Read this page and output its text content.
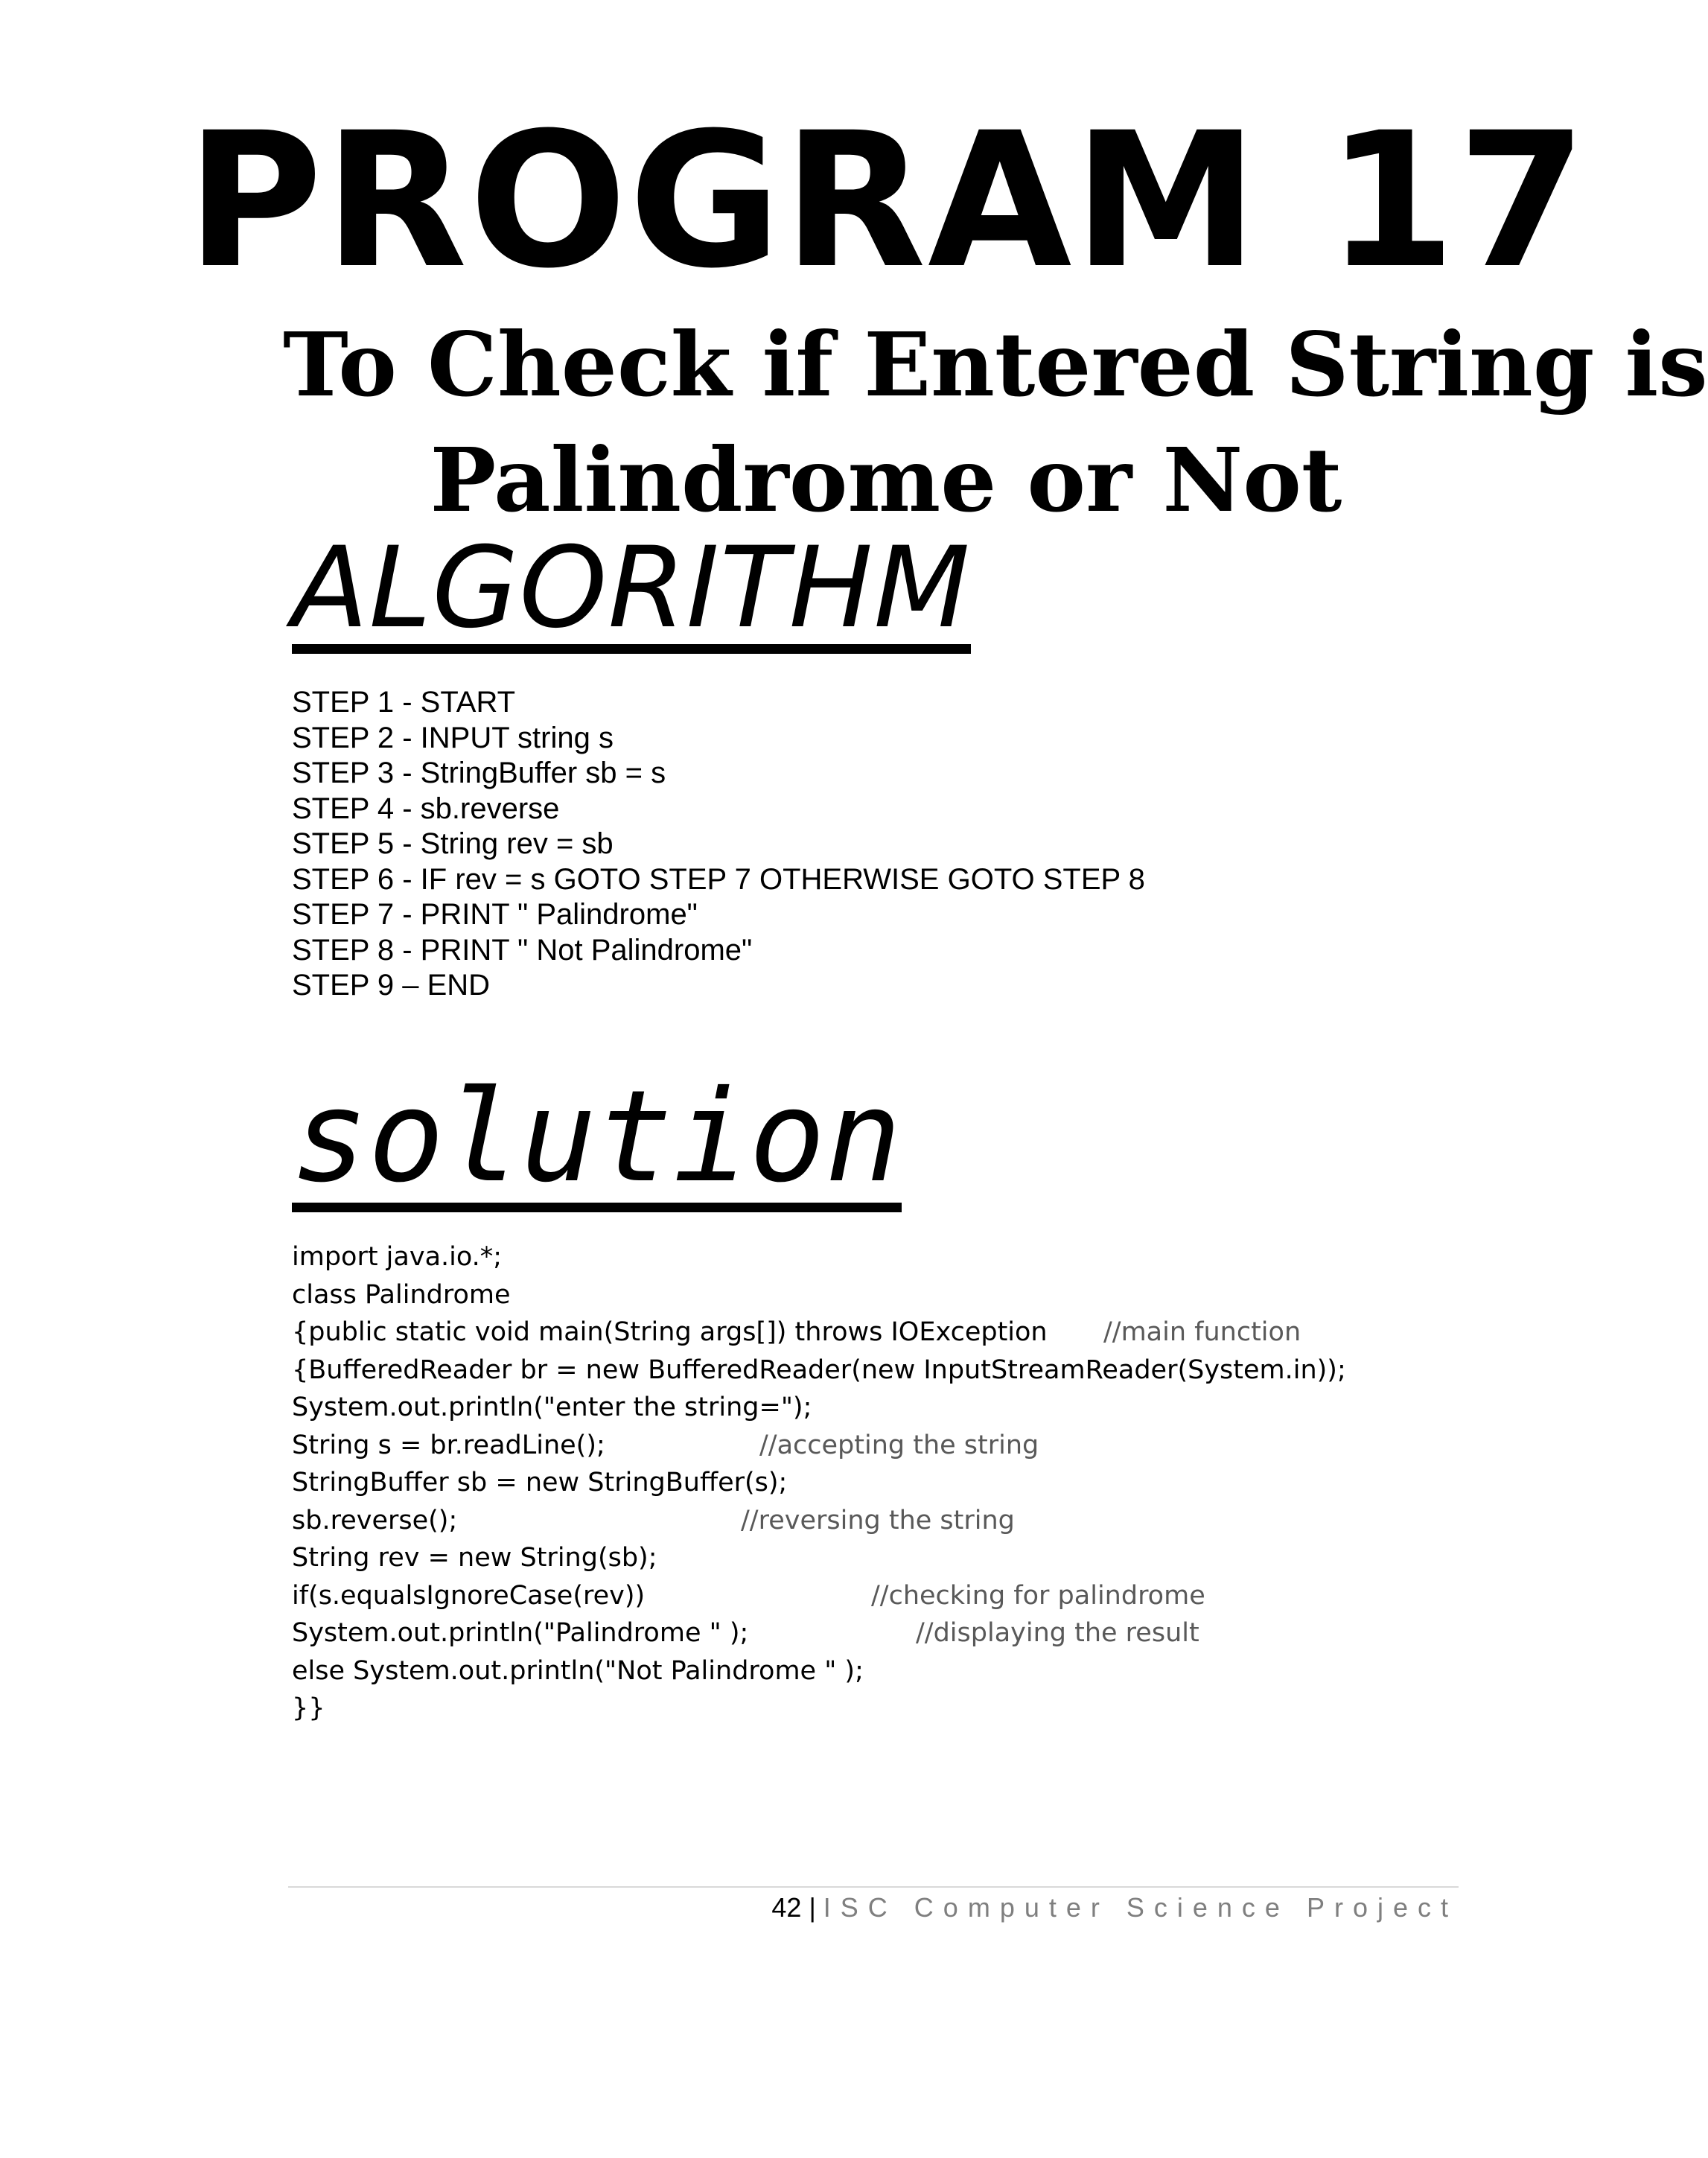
PROGRAM 17
To Check if Entered String is
Palindrome or Not
ALGORITHM
STEP 1 - START
STEP 2 - INPUT string s
STEP 3 - StringBuffer sb = s
STEP 4 - sb.reverse
STEP 5 - String rev = sb
STEP 6 - IF rev = s GOTO STEP 7 OTHERWISE GOTO STEP 8
STEP 7 - PRINT " Palindrome"
STEP 8 - PRINT " Not Palindrome"
STEP 9 – END
solution
import java.io.*;
class Palindrome
{public static void main(String args[]) throws IOException //main function
{BufferedReader br = new BufferedReader(new InputStreamReader(System.in));
System.out.println("enter the string=");
String s = br.readLine();	//accepting the string
StringBuffer sb = new StringBuffer(s);
sb.reverse();	//reversing the string
String rev = new String(sb);
if(s.equalsIgnoreCase(rev))	//checking for palindrome
System.out.println("Palindrome " );	//displaying the result
else System.out.println("Not Palindrome " );
}}
42 | ISC Computer Science Project
